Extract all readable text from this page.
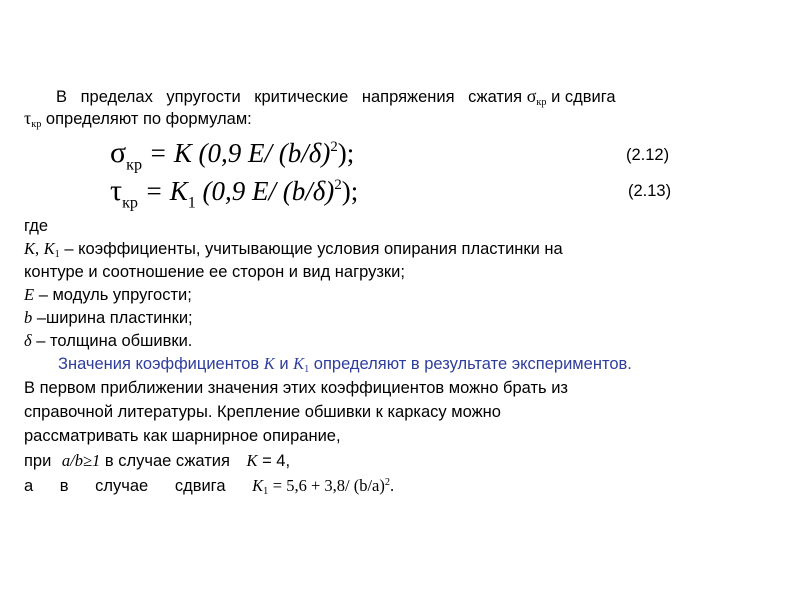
В пределах упругости критические напряжения сжатия $\sigma_{кр}$ и сдвига
$\tau_{кр}$ определяют по формулам:
$\sigma_{кр} = К$ (0,9 Е/ $(b/\delta)^2$);	(2.12)
$\tau_{кр} = К_1$ (0,9 Е/ $(b/\delta)^2$);	(2.13)
где
К, $К_1$ – коэффициенты, учитывающие условия опирания пластинки на
контуре и соотношение ее сторон и вид нагрузки;
Е – модуль упругости;
b –ширина пластинки;
δ – толщина обшивки.
Значения коэффициентов К и $К_1$ определяют в результате экспериментов.
В первом приближении значения этих коэффициентов можно брать из
справочной литературы. Крепление обшивки к каркасу можно
рассматривать как шарнирное опирание,
при a/b≥1 в случае сжатия К = 4,
а в случае сдвига $К_1 = 5,6 + 3,8/$ $(b/a)^2$.
